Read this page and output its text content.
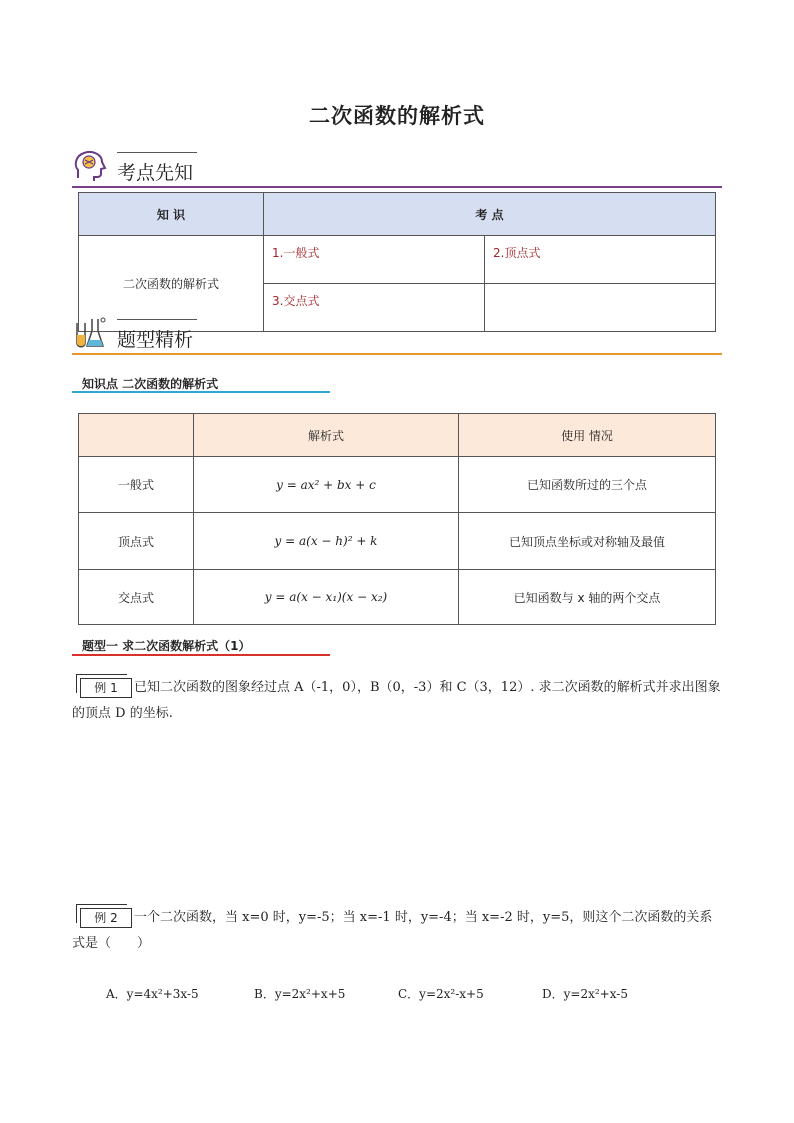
二次函数的解析式
考点先知
知 识	考 点	
二次函数的解析式	1.一般式	2.顶点式
	3.交点式	
题型精析
知识点 二次函数的解析式
	解析式	使用 情况
一般式	y = ax² + bx + c	已知函数所过的三个点
顶点式	y = a(x − h)² + k	已知顶点坐标或对称轴及最值
交点式	y = a(x − x₁)(x − x₂)	已知函数与 x 轴的两个交点
题型一 求二次函数解析式（1）
例 1	已知二次函数的图象经过点 A（-1，0），B（0，-3）和 C（3，12）. 求二次函数的解析式并求出图象的顶点 D 的坐标.
例 2	一个二次函数，当 x=0 时，y=-5；当 x=-1 时，y=-4；当 x=-2 时，y=5，则这个二次函数的关系式是（　　）
A．y=4x²+3x-5	B．y=2x²+x+5	C．y=2x²-x+5	D．y=2x²+x-5
